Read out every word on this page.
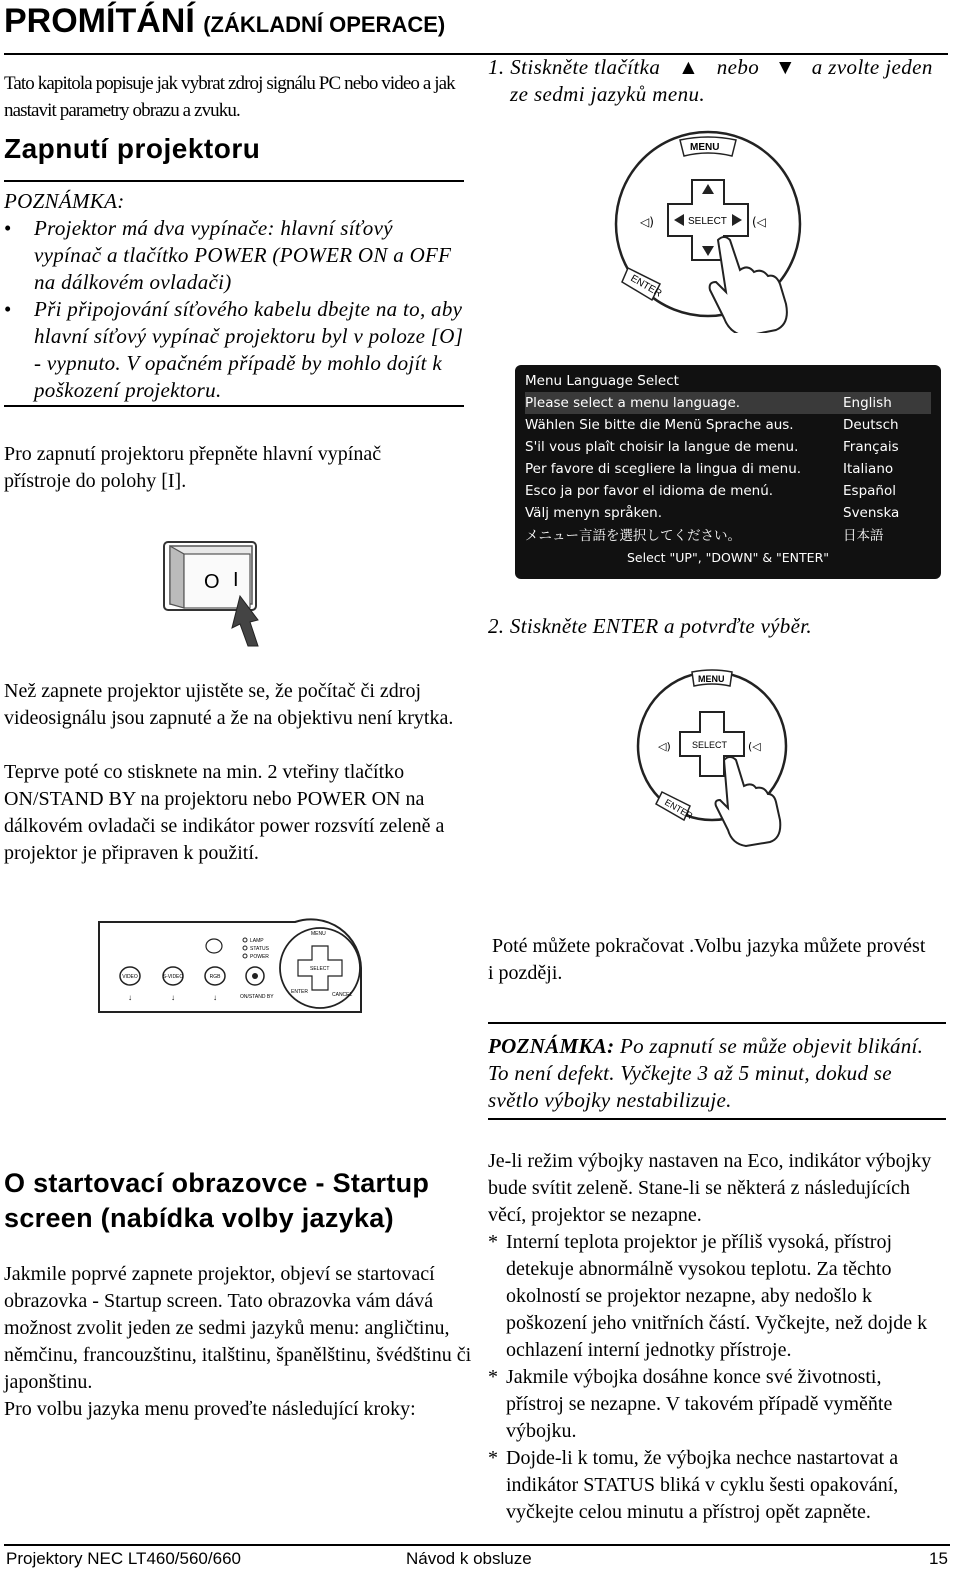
PROMÍTÁNÍ (ZÁKLADNÍ OPERACE)

Tato kapitola popisuje jak vybrat zdroj signálu PC nebo video a jak nastavit parametry obrazu a zvuku.

Zapnutí projektoru
POZNÁMKA:
• Projektor má dva vypínače: hlavní síťový vypínač a tlačítko POWER (POWER ON a OFF na dálkovém ovladači)
• Při připojování síťového kabelu dbejte na to, aby hlavní síťový vypínač projektoru byl v poloze [O] - vypnuto. V opačném případě by mohlo dojít k poškození projektoru.

Pro zapnutí projektoru přepněte hlavní vypínač přístroje do polohy [I].

O I

Než zapnete projektor ujistěte se, že počítač či zdroj videosignálu jsou zapnuté a že na objektivu není krytka.

Teprve poté co stisknete na min. 2 vteřiny tlačítko ON/STAND BY na projektoru nebo POWER ON na dálkovém ovladači se indikátor power rozsvítí zeleně a projektor je připraven k použití.

VIDEO
↓
S-VIDEO
↓
RGB
↓
LAMP
STATUS
POWER
ON/STAND BY
MENU
SELECT
ENTER	CANCEL
O startovací obrazovce - Startup screen (nabídka volby jazyka)

Jakmile poprvé zapnete projektor, objeví se startovací obrazovka - Startup screen. Tato obrazovka vám dává možnost zvolit jeden ze sedmi jazyků menu: angličtinu, němčinu, francouzštinu, italštinu, španělštinu, švédštinu či japonštinu.

Pro volbu jazyka menu proveďte následující kroky:

1. Stiskněte tlačítka ▲ nebo ▼ a zvolte jeden
ze sedmi jazyků menu.
MENU
SELECT
◁)	(◁
ENTER
Menu Language Select
Please select a menu language.	English
Wählen Sie bitte die Menü Sprache aus.	Deutsch
S'il vous plaît choisir la langue de menu.	Français
Per favore di scegliere la lingua di menu.	Italiano
Esco ja por favor el idioma de menú.	Español
Välj menyn språken.	Svenska
メニュー言語を選択してください。	日本語
Select "UP", "DOWN" & "ENTER"
2. Stiskněte ENTER a potvrďte výběr.
MENU
SELECT
◁)	(◁
ENTER

Poté můžete pokračovat .Volbu jazyka můžete provést i později.

POZNÁMKA: Po zapnutí se může objevit blikání. To není defekt. Vyčkejte 3 až 5 minut, dokud se světlo výbojky nestabilizuje.

Je-li režim výbojky nastaven na Eco, indikátor výbojky bude svítit zeleně. Stane-li se některá z následujících věcí, projektor se nezapne.

* Interní teplota projektor je příliš vysoká, přístroj detekuje abnormálně vysokou teplotu. Za těchto okolností se projektor nezapne, aby nedošlo k poškození jeho vnitřních částí. Vyčkejte, než dojde k ochlazení interní jednotky přístroje.
* Jakmile výbojka dosáhne konce své životnosti, přístroj se nezapne. V takovém případě vyměňte výbojku.
* Dojde-li k tomu, že výbojka nechce nastartovat a indikátor STATUS bliká v cyklu šesti opakování, vyčkejte celou minutu a přístroj opět zapněte.
Projektory NEC LT460/560/660	Návod k obsluze	15
